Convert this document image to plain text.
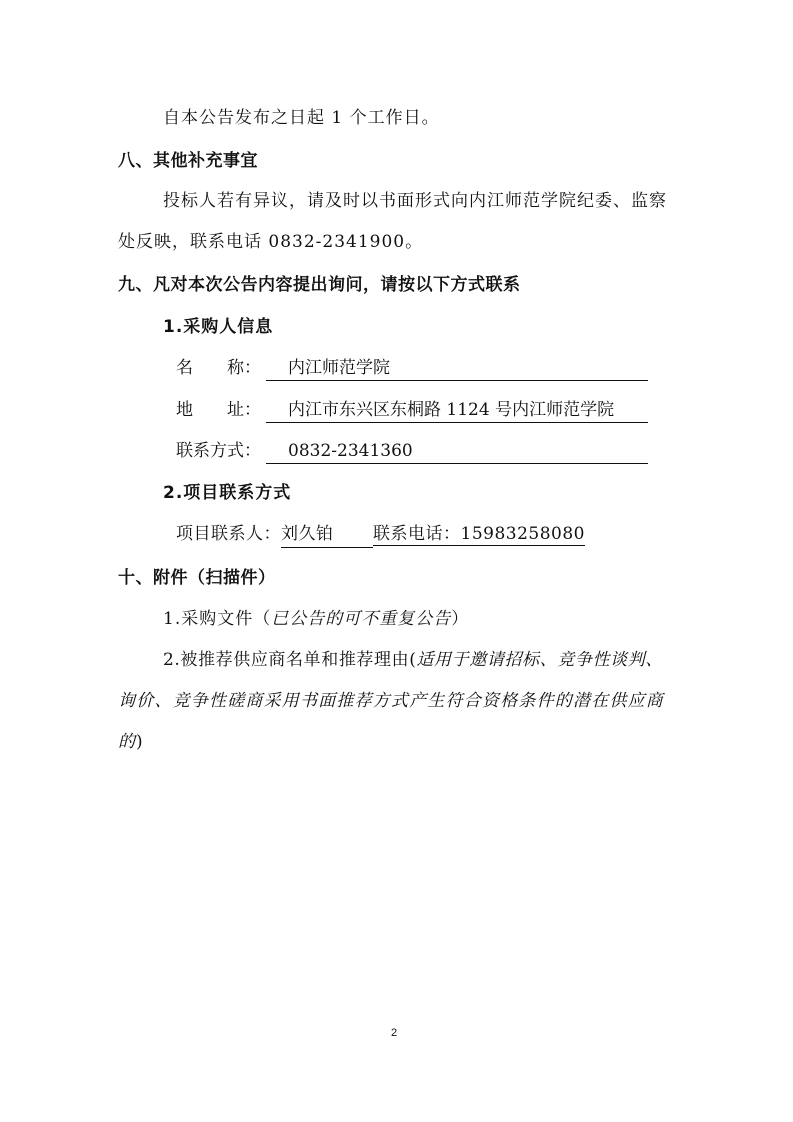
自本公告发布之日起 1 个工作日。
八、其他补充事宜
投标人若有异议，请及时以书面形式向内江师范学院纪委、监察
处反映，联系电话 0832-2341900。
九、凡对本次公告内容提出询问，请按以下方式联系
1.采购人信息
名　　称：	内江师范学院
地　　址：	内江市东兴区东桐路 1124 号内江师范学院
联系方式：	0832-2341360
2.项目联系方式
项目联系人：刘久铂 联系电话：15983258080
十、附件（扫描件）
1.采购文件（已公告的可不重复公告）
2.被推荐供应商名单和推荐理由(适用于邀请招标、竞争性谈判、
询价、竞争性磋商采用书面推荐方式产生符合资格条件的潜在供应商
的)
2
